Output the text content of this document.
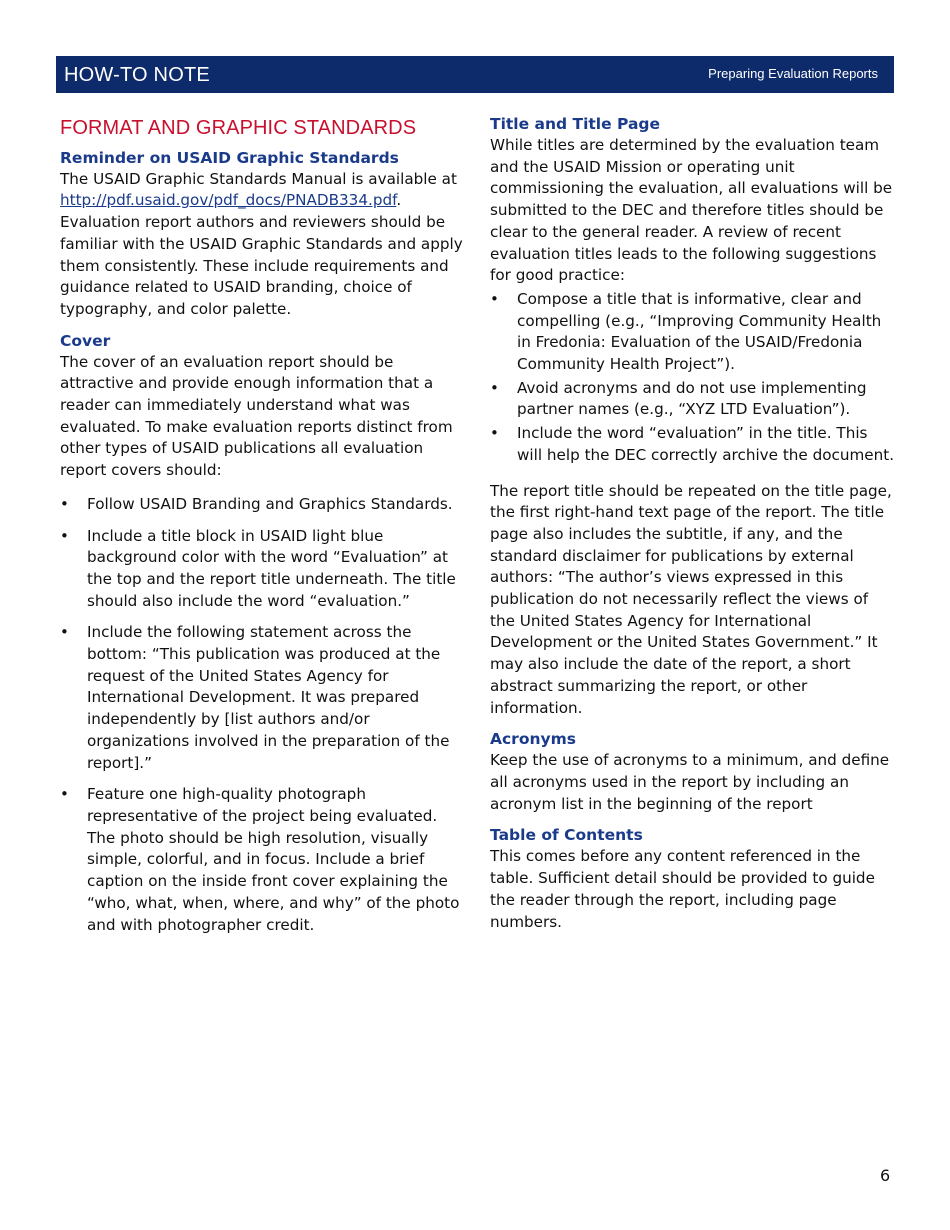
HOW-TO NOTE	Preparing Evaluation Reports
FORMAT AND GRAPHIC STANDARDS
Reminder on USAID Graphic Standards

The USAID Graphic Standards Manual is available at http://pdf.usaid.gov/pdf_docs/PNADB334.pdf. Evaluation report authors and reviewers should be familiar with the USAID Graphic Standards and apply them consistently. These include requirements and guidance related to USAID branding, choice of typography, and color palette.

Cover

The cover of an evaluation report should be attractive and provide enough information that a reader can immediately understand what was evaluated. To make evaluation reports distinct from other types of USAID publications all evaluation report covers should:

• Follow USAID Branding and Graphics Standards.
• Include a title block in USAID light blue background color with the word “Evaluation” at the top and the report title underneath. The title should also include the word “evaluation.”
• Include the following statement across the bottom: “This publication was produced at the request of the United States Agency for International Development. It was prepared independently by [list authors and/or organizations involved in the preparation of the report].”
• Feature one high-quality photograph representative of the project being evaluated. The photo should be high resolution, visually simple, colorful, and in focus. Include a brief caption on the inside front cover explaining the “who, what, when, where, and why” of the photo and with photographer credit.
Title and Title Page

While titles are determined by the evaluation team and the USAID Mission or operating unit commissioning the evaluation, all evaluations will be submitted to the DEC and therefore titles should be clear to the general reader. A review of recent evaluation titles leads to the following suggestions for good practice:

• Compose a title that is informative, clear and compelling (e.g., “Improving Community Health in Fredonia: Evaluation of the USAID/Fredonia Community Health Project”).
• Avoid acronyms and do not use implementing partner names (e.g., “XYZ LTD Evaluation”).
• Include the word “evaluation” in the title. This will help the DEC correctly archive the document.

The report title should be repeated on the title page, the first right-hand text page of the report. The title page also includes the subtitle, if any, and the standard disclaimer for publications by external authors: “The author’s views expressed in this publication do not necessarily reflect the views of the United States Agency for International Development or the United States Government.” It may also include the date of the report, a short abstract summarizing the report, or other information.

Acronyms

Keep the use of acronyms to a minimum, and define all acronyms used in the report by including an acronym list in the beginning of the report

Table of Contents

This comes before any content referenced in the table. Sufficient detail should be provided to guide the reader through the report, including page numbers.

6
